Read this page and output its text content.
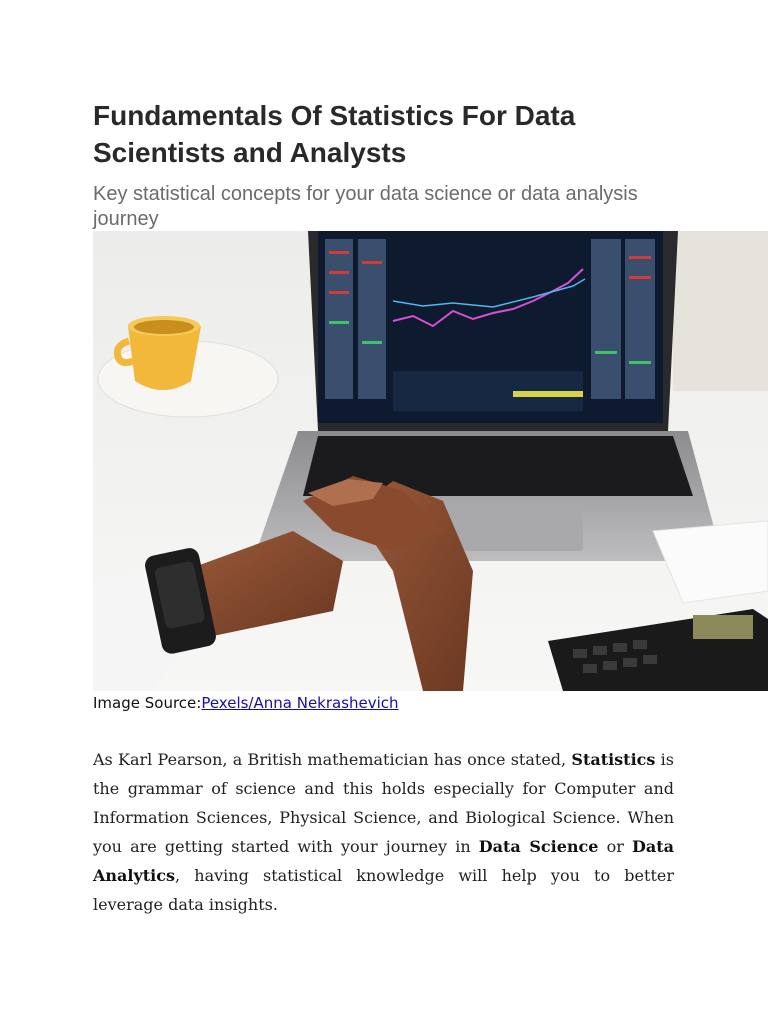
Fundamentals Of Statistics For Data Scientists and Analysts

Key statistical concepts for your data science or data analysis journey

Image Source:Pexels/Anna Nekrashevich

As Karl Pearson, a British mathematician has once stated, Statistics is the grammar of science and this holds especially for Computer and Information Sciences, Physical Science, and Biological Science. When you are getting started with your journey in Data Science or Data Analytics, having statistical knowledge will help you to better leverage data insights.
